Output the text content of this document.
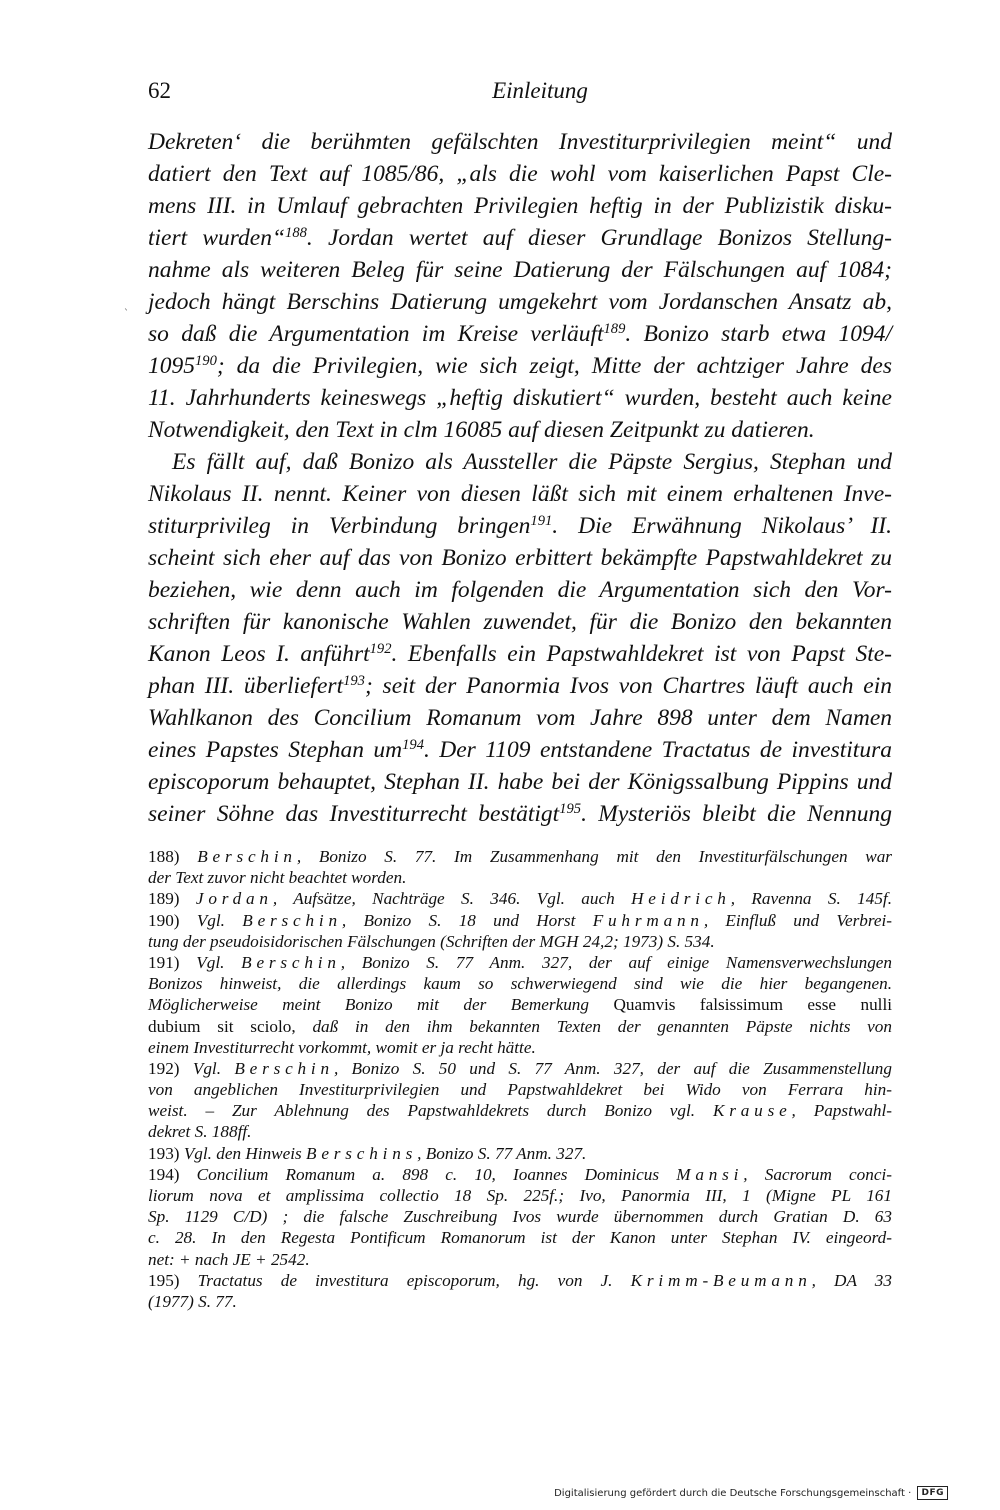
62	Einleitung
ˋ

Dekreten‘ die berühmten gefälschten Investiturprivilegien meint“ und

datiert den Text auf 1085/86, „als die wohl vom kaiserlichen Papst Cle-

mens III. in Umlauf gebrachten Privilegien heftig in der Publizistik disku-

tiert wurden“$^{188}$. Jordan wertet auf dieser Grundlage Bonizos Stellung-

nahme als weiteren Beleg für seine Datierung der Fälschungen auf 1084;

jedoch hängt Berschins Datierung umgekehrt vom Jordanschen Ansatz ab,

so daß die Argumentation im Kreise verläuft$^{189}$. Bonizo starb etwa 1094/

1095$^{190}$; da die Privilegien, wie sich zeigt, Mitte der achtziger Jahre des

11. Jahrhunderts keineswegs „heftig diskutiert“ wurden, besteht auch keine

Notwendigkeit, den Text in clm 16085 auf diesen Zeitpunkt zu datieren.

Es fällt auf, daß Bonizo als Aussteller die Päpste Sergius, Stephan und

Nikolaus II. nennt. Keiner von diesen läßt sich mit einem erhaltenen Inve-

stiturprivileg in Verbindung bringen$^{191}$. Die Erwähnung Nikolaus’ II.

scheint sich eher auf das von Bonizo erbittert bekämpfte Papstwahldekret zu

beziehen, wie denn auch im folgenden die Argumentation sich den Vor-

schriften für kanonische Wahlen zuwendet, für die Bonizo den bekannten

Kanon Leos I. anführt$^{192}$. Ebenfalls ein Papstwahldekret ist von Papst Ste-

phan III. überliefert$^{193}$; seit der Panormia Ivos von Chartres läuft auch ein

Wahlkanon des Concilium Romanum vom Jahre 898 unter dem Namen

eines Papstes Stephan $um^{194}$. Der 1109 entstandene Tractatus de investitura

episcoporum behauptet, Stephan II. habe bei der Königssalbung Pippins und

seiner Söhne das Investiturrecht bestätigt$^{195}$. Mysteriös bleibt die Nennung

188) Berschin, Bonizo S. 77. Im Zusammenhang mit den Investiturfälschungen war

der Text zuvor nicht beachtet worden.

189) Jordan, Aufsätze, Nachträge S. 346. Vgl. auch Heidrich, Ravenna S. 145f.

190) Vgl. Berschin, Bonizo S. 18 und Horst Fuhrmann, Einfluß und Verbrei-

tung der pseudoisidorischen Fälschungen (Schriften der MGH 24,2; 1973) S. 534.

191) Vgl. Berschin, Bonizo S. 77 Anm. 327, der auf einige Namensverwechslungen

Bonizos hinweist, die allerdings kaum so schwerwiegend sind wie die hier begangenen.

Möglicherweise meint Bonizo mit der Bemerkung Quamvis falsissimum esse nulli

dubium sit sciolo, daß in den ihm bekannten Texten der genannten Päpste nichts von

einem Investiturrecht vorkommt, womit er ja recht hätte.

192) Vgl. Berschin, Bonizo S. 50 und S. 77 Anm. 327, der auf die Zusammenstellung

von angeblichen Investiturprivilegien und Papstwahldekret bei Wido von Ferrara hin-

weist. – Zur Ablehnung des Papstwahldekrets durch Bonizo vgl. Krause, Papstwahl-

dekret S. 188ff.

193) Vgl. den Hinweis Berschins, Bonizo S. 77 Anm. 327.

194) Concilium Romanum a. 898 c. 10, Ioannes Dominicus Mansi, Sacrorum conci-

liorum nova et amplissima collectio 18 Sp. 225f.; Ivo, Panormia III, 1 (Migne PL 161

Sp. 1129 C/D) ; die falsche Zuschreibung Ivos wurde übernommen durch Gratian D. 63

c. 28. In den Regesta Pontificum Romanorum ist der Kanon unter Stephan IV. eingeord-

net: + nach JE + 2542.

195) Tractatus de investitura episcoporum, hg. von J. Krimm-Beumann, DA 33

(1977) S. 77.

Digitalisierung gefördert durch die Deutsche Forschungsgemeinschaft · DFG
